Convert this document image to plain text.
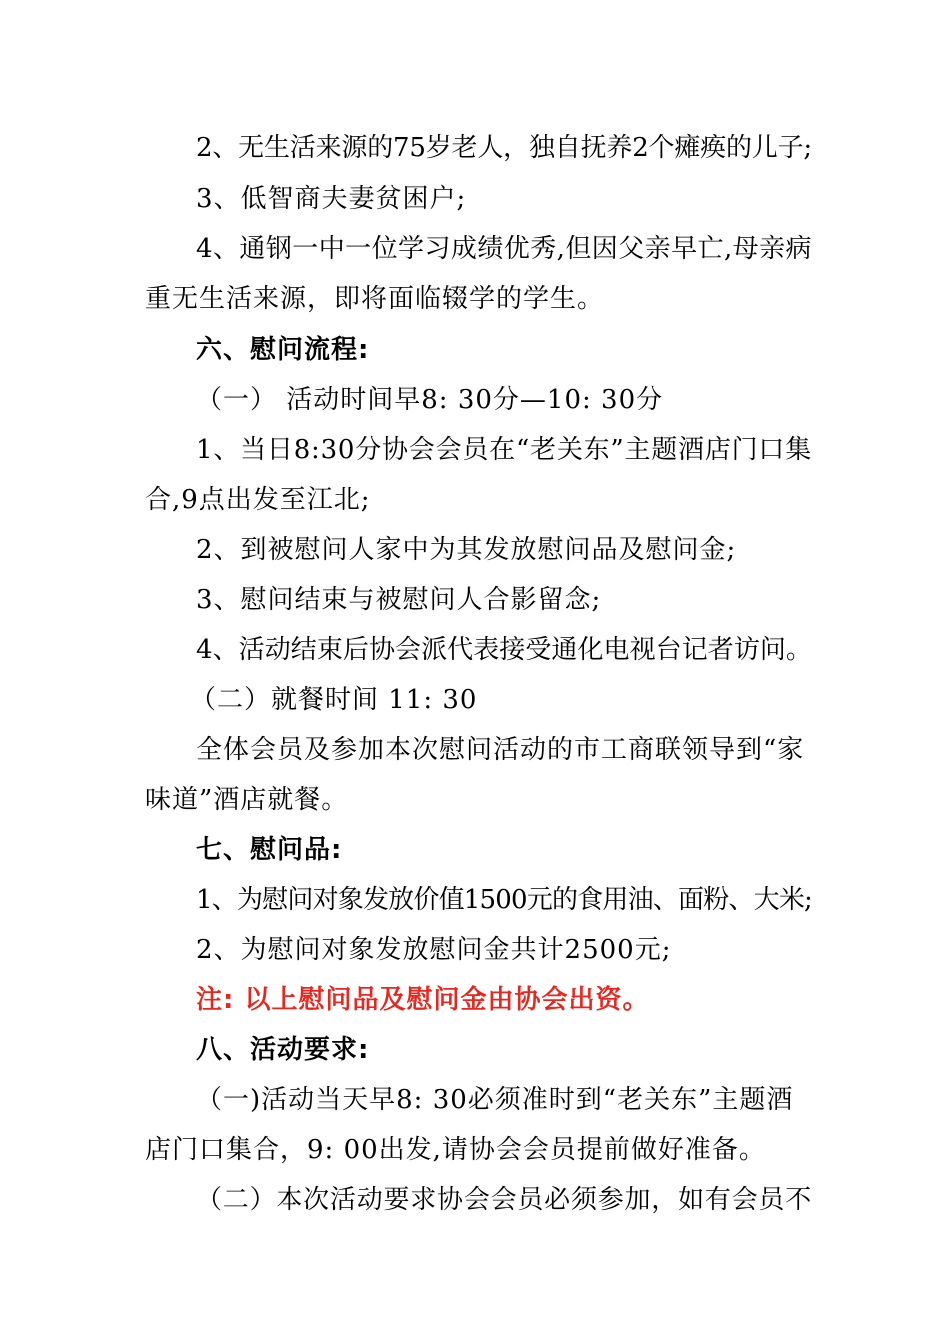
2、无生活来源的75岁老人，独自抚养2个瘫痪的儿子;
3、低智商夫妻贫困户;
4、通钢一中一位学习成绩优秀,但因父亲早亡,母亲病
重无生活来源，即将面临辍学的学生。
六、慰问流程:
（一） 活动时间早8: 30分—10: 30分
1、当日8:30分协会会员在“老关东”主题酒店门口集
合,9点出发至江北;
2、到被慰问人家中为其发放慰问品及慰问金;
3、慰问结束与被慰问人合影留念;
4、活动结束后协会派代表接受通化电视台记者访问。
（二）就餐时间 11: 30
全体会员及参加本次慰问活动的市工商联领导到“家
味道”酒店就餐。
七、慰问品:
1、为慰问对象发放价值1500元的食用油、面粉、大米;
2、为慰问对象发放慰问金共计2500元;
注: 以上慰问品及慰问金由协会出资。
八、活动要求:
（一)活动当天早8: 30必须准时到“老关东”主题酒
店门口集合，9: 00出发,请协会会员提前做好准备。
（二）本次活动要求协会会员必须参加，如有会员不
